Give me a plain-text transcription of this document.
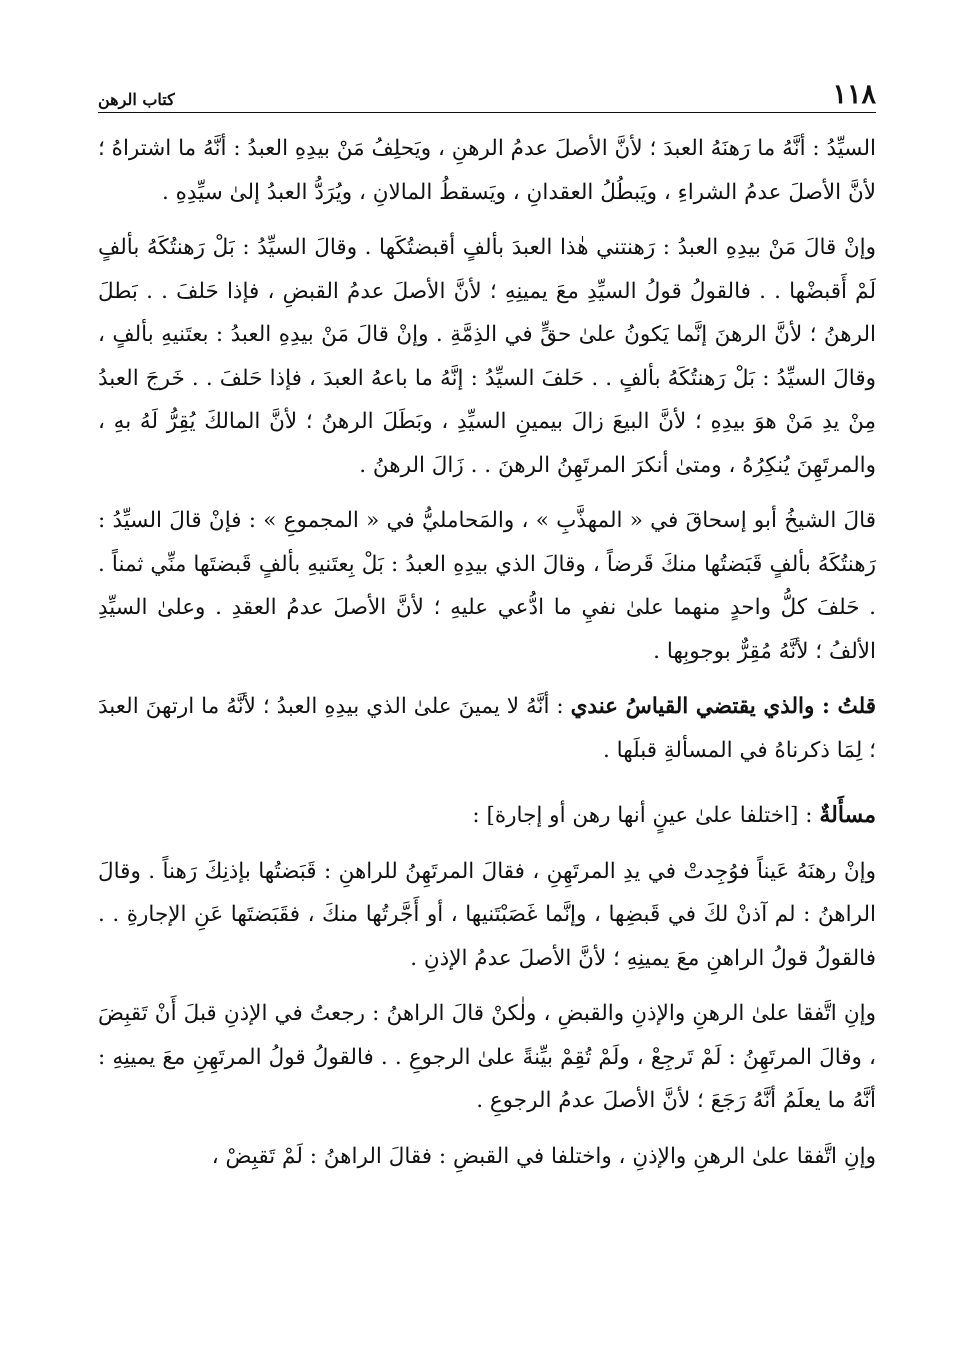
١١٨
كتاب الرهن

السيِّدُ : أنَّهُ ما رَهنَهُ العبدَ ؛ لأنَّ الأصلَ عدمُ الرهنِ ، ويَحلِفُ مَنْ بيدِهِ العبدُ : أنَّهُ ما اشتراهُ ؛ لأنَّ الأصلَ عدمُ الشراءِ ، ويَبطُلُ العقدانِ ، ويَسقطُ المالانِ ، ويُرَدُّ العبدُ إلىٰ سيِّدِهِ .

وإنْ قالَ مَنْ بيدِهِ العبدُ : رَهنتني هٰذا العبدَ بألفٍ أقبضتُكَها . وقالَ السيِّدُ : بَلْ رَهنتُكَهُ بألفٍ لَمْ أَقبضْها . . فالقولُ قولُ السيِّدِ معَ يمينِهِ ؛ لأنَّ الأصلَ عدمُ القبضِ ، فإذا حَلفَ . . بَطلَ الرهنُ ؛ لأنَّ الرهنَ إنَّما يَكونُ علىٰ حقٍّ في الذِمَّةِ . وإنْ قالَ مَنْ بيدِهِ العبدُ : بعتَنيهِ بألفٍ ، وقالَ السيِّدُ : بَلْ رَهنتُكَهُ بألفٍ . . حَلفَ السيِّدُ : إنَّهُ ما باعهُ العبدَ ، فإذا حَلفَ . . خَرجَ العبدُ مِنْ يدِ مَنْ هوَ بيدِهِ ؛ لأنَّ البيعَ زالَ بيمينِ السيِّدِ ، وبَطَلَ الرهنُ ؛ لأنَّ المالكَ يُقِرُّ لَهُ بهِ ، والمرتَهِنَ يُنكِرُهُ ، ومتىٰ أنكرَ المرتَهِنُ الرهنَ . . زَالَ الرهنُ .

قالَ الشيخُ أبو إسحاقَ في « المهذَّبِ » ، والمَحامليُّ في « المجموعِ » : فإنْ قالَ السيِّدُ : رَهنتُكَهُ بألفٍ قَبَضتُها منكَ قَرضاً ، وقالَ الذي بيدِهِ العبدُ : بَلْ بِعتَنيهِ بألفٍ قَبضتَها منِّي ثمناً . . حَلفَ كلُّ واحدٍ منهما علىٰ نفيِ ما ادُّعي عليهِ ؛ لأنَّ الأصلَ عدمُ العقدِ . وعلىٰ السيِّدِ الألفُ ؛ لأنَّهُ مُقِرٌّ بوجوبِها .

قلتُ : والذي يقتضي القياسُ عندي : أنَّهُ لا يمينَ علىٰ الذي بيدِهِ العبدُ ؛ لأنَّهُ ما ارتهنَ العبدَ ؛ لِمَا ذكرناهُ في المسألةِ قبلَها .

مسأَلةٌ : [اختلفا علىٰ عينٍ أنها رهن أو إجارة] :

وإنْ رهنَهُ عَيناً فوُجِدتْ في يدِ المرتَهِنِ ، فقالَ المرتَهِنُ للراهنِ : قَبَضتُها بإذنِكَ رَهناً . وقالَ الراهنُ : لم آذنْ لكَ في قَبضِها ، وإنَّما غَصَبْتَنيها ، أو أَجَّرتُها منكَ ، فقَبَضتَها عَنِ الإجارةِ . . فالقولُ قولُ الراهنِ معَ يمينِهِ ؛ لأنَّ الأصلَ عدمُ الإذنِ .

وإنِ اتَّفقا علىٰ الرهنِ والإذنِ والقبضِ ، ولٰكنْ قالَ الراهنُ : رجعتُ في الإذنِ قبلَ أَنْ تَقبِضَ ، وقالَ المرتَهِنُ : لَمْ تَرجِعْ ، ولَمْ تُقِمْ بيِّنةً علىٰ الرجوعِ . . فالقولُ قولُ المرتَهِنِ معَ يمينِهِ : أنَّهُ ما يعلَمُ أنَّهُ رَجَعَ ؛ لأنَّ الأصلَ عدمُ الرجوعِ .

وإنِ اتَّفقا علىٰ الرهنِ والإذنِ ، واختلفا في القبضِ : فقالَ الراهنُ : لَمْ تَقبِضْ ،
